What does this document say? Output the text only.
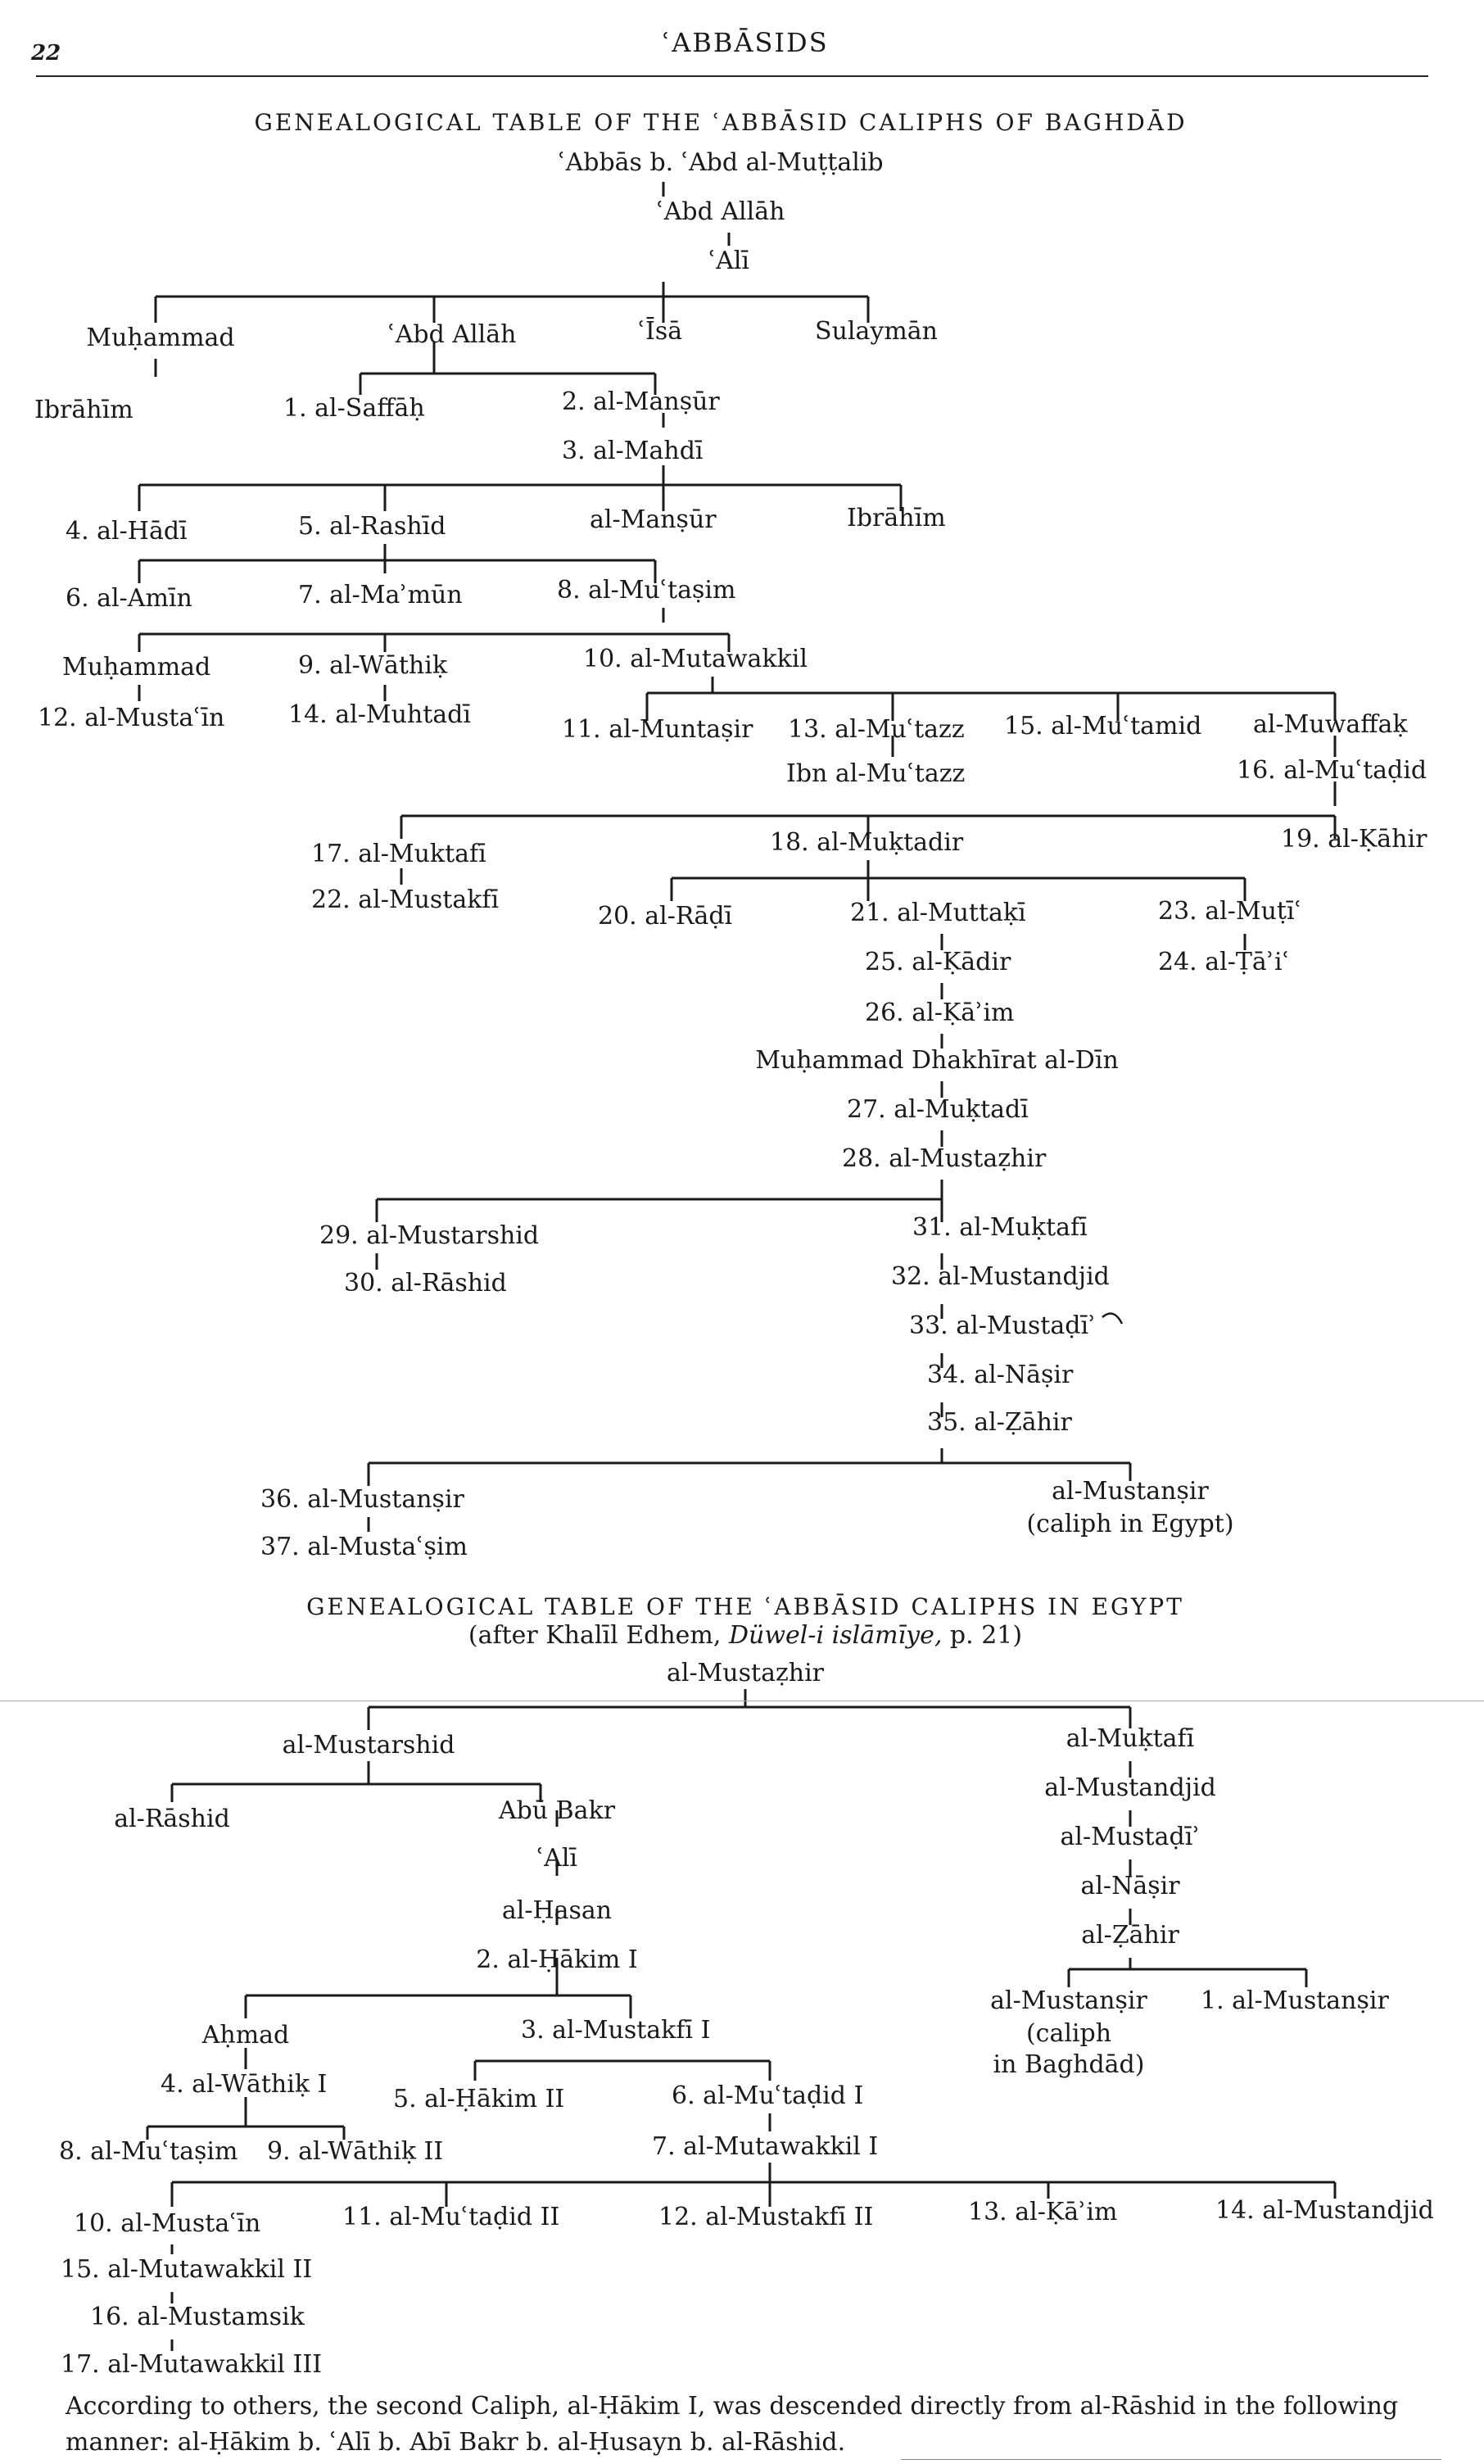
22	ʿABBĀSIDS
GENEALOGICAL TABLE OF THE ʿABBĀSID CALIPHS OF BAGHDĀD
ʿAbbās b. ʿAbd al-Muṭṭalib
ʿAbd Allāh
ʿAlī
Muḥammad	ʿAbd Allāh	ʿĪsā	Sulaymān
Ibrāhīm	1. al-Saffāḥ	2. al-Manṣūr
3. al-Mahdī
4. al-Hādī	5. al-Rashīd	al-Manṣūr	Ibrāhīm
6. al-Amīn	7. al-Maʾmūn	8. al-Muʿtaṣim
Muḥammad	9. al-Wāthiḳ	10. al-Mutawakkil
12. al-Mustaʿīn	14. al-Muhtadī
11. al-Muntaṣir 13. al-Muʿtazz 15. al-Muʿtamid al-Muwaffaḳ
Ibn al-Muʿtazz	16. al-Muʿtaḍid
17. al-Muktafī	18. al-Muḳtadir	19. al-Ḳāhir
22. al-Mustakfī
20. al-Rāḍī	21. al-Muttaḳī	23. al-Muṭīʿ
25. al-Ḳādir	24. al-Ṭāʾiʿ
26. al-Ḳāʾim
Muḥammad Dhakhīrat al-Dīn
27. al-Muḳtadī
28. al-Mustaẓhir
29. al-Mustarshid	31. al-Muḳtafī
30. al-Rāshid	32. al-Mustandjid
33. al-Mustaḍīʾ
34. al-Nāṣir
35. al-Ẓāhir
36. al-Mustanṣir	al-Mustanṣir
(caliph in Egypt)
37. al-Mustaʿṣim
GENEALOGICAL TABLE OF THE ʿABBĀSID CALIPHS IN EGYPT
(after Khalīl Edhem, Düwel-i islāmīye, p. 21)
al-Mustaẓhir
al-Mustarshid	al-Muḳtafī
al-Rāshid	Abū Bakr
al-Mustandjid
ʿAlī
al-Mustaḍīʾ
al-Ḥasan
al-Nāṣir
2. al-Ḥākim I
al-Ẓāhir
al-Mustanṣir
(caliph
in Baghdād)
1. al-Mustanṣir
Aḥmad	3. al-Mustakfī I
4. al-Wāthiḳ I
5. al-Ḥākim II	6. al-Muʿtaḍid I
8. al-Muʿtaṣim 9. al-Wāthiḳ II	7. al-Mutawakkil I
10. al-Mustaʿīn	11. al-Muʿtaḍid II	12. al-Mustakfī II	13. al-Ḳāʾim	14. al-Mustandjid
15. al-Mutawakkil II
16. al-Mustamsik
17. al-Mutawakkil III
According to others, the second Caliph, al-Ḥākim I, was descended directly from al-Rāshid in the following manner: al-Ḥākim b. ʿAlī b. Abī Bakr b. al-Ḥusayn b. al-Rāshid.
